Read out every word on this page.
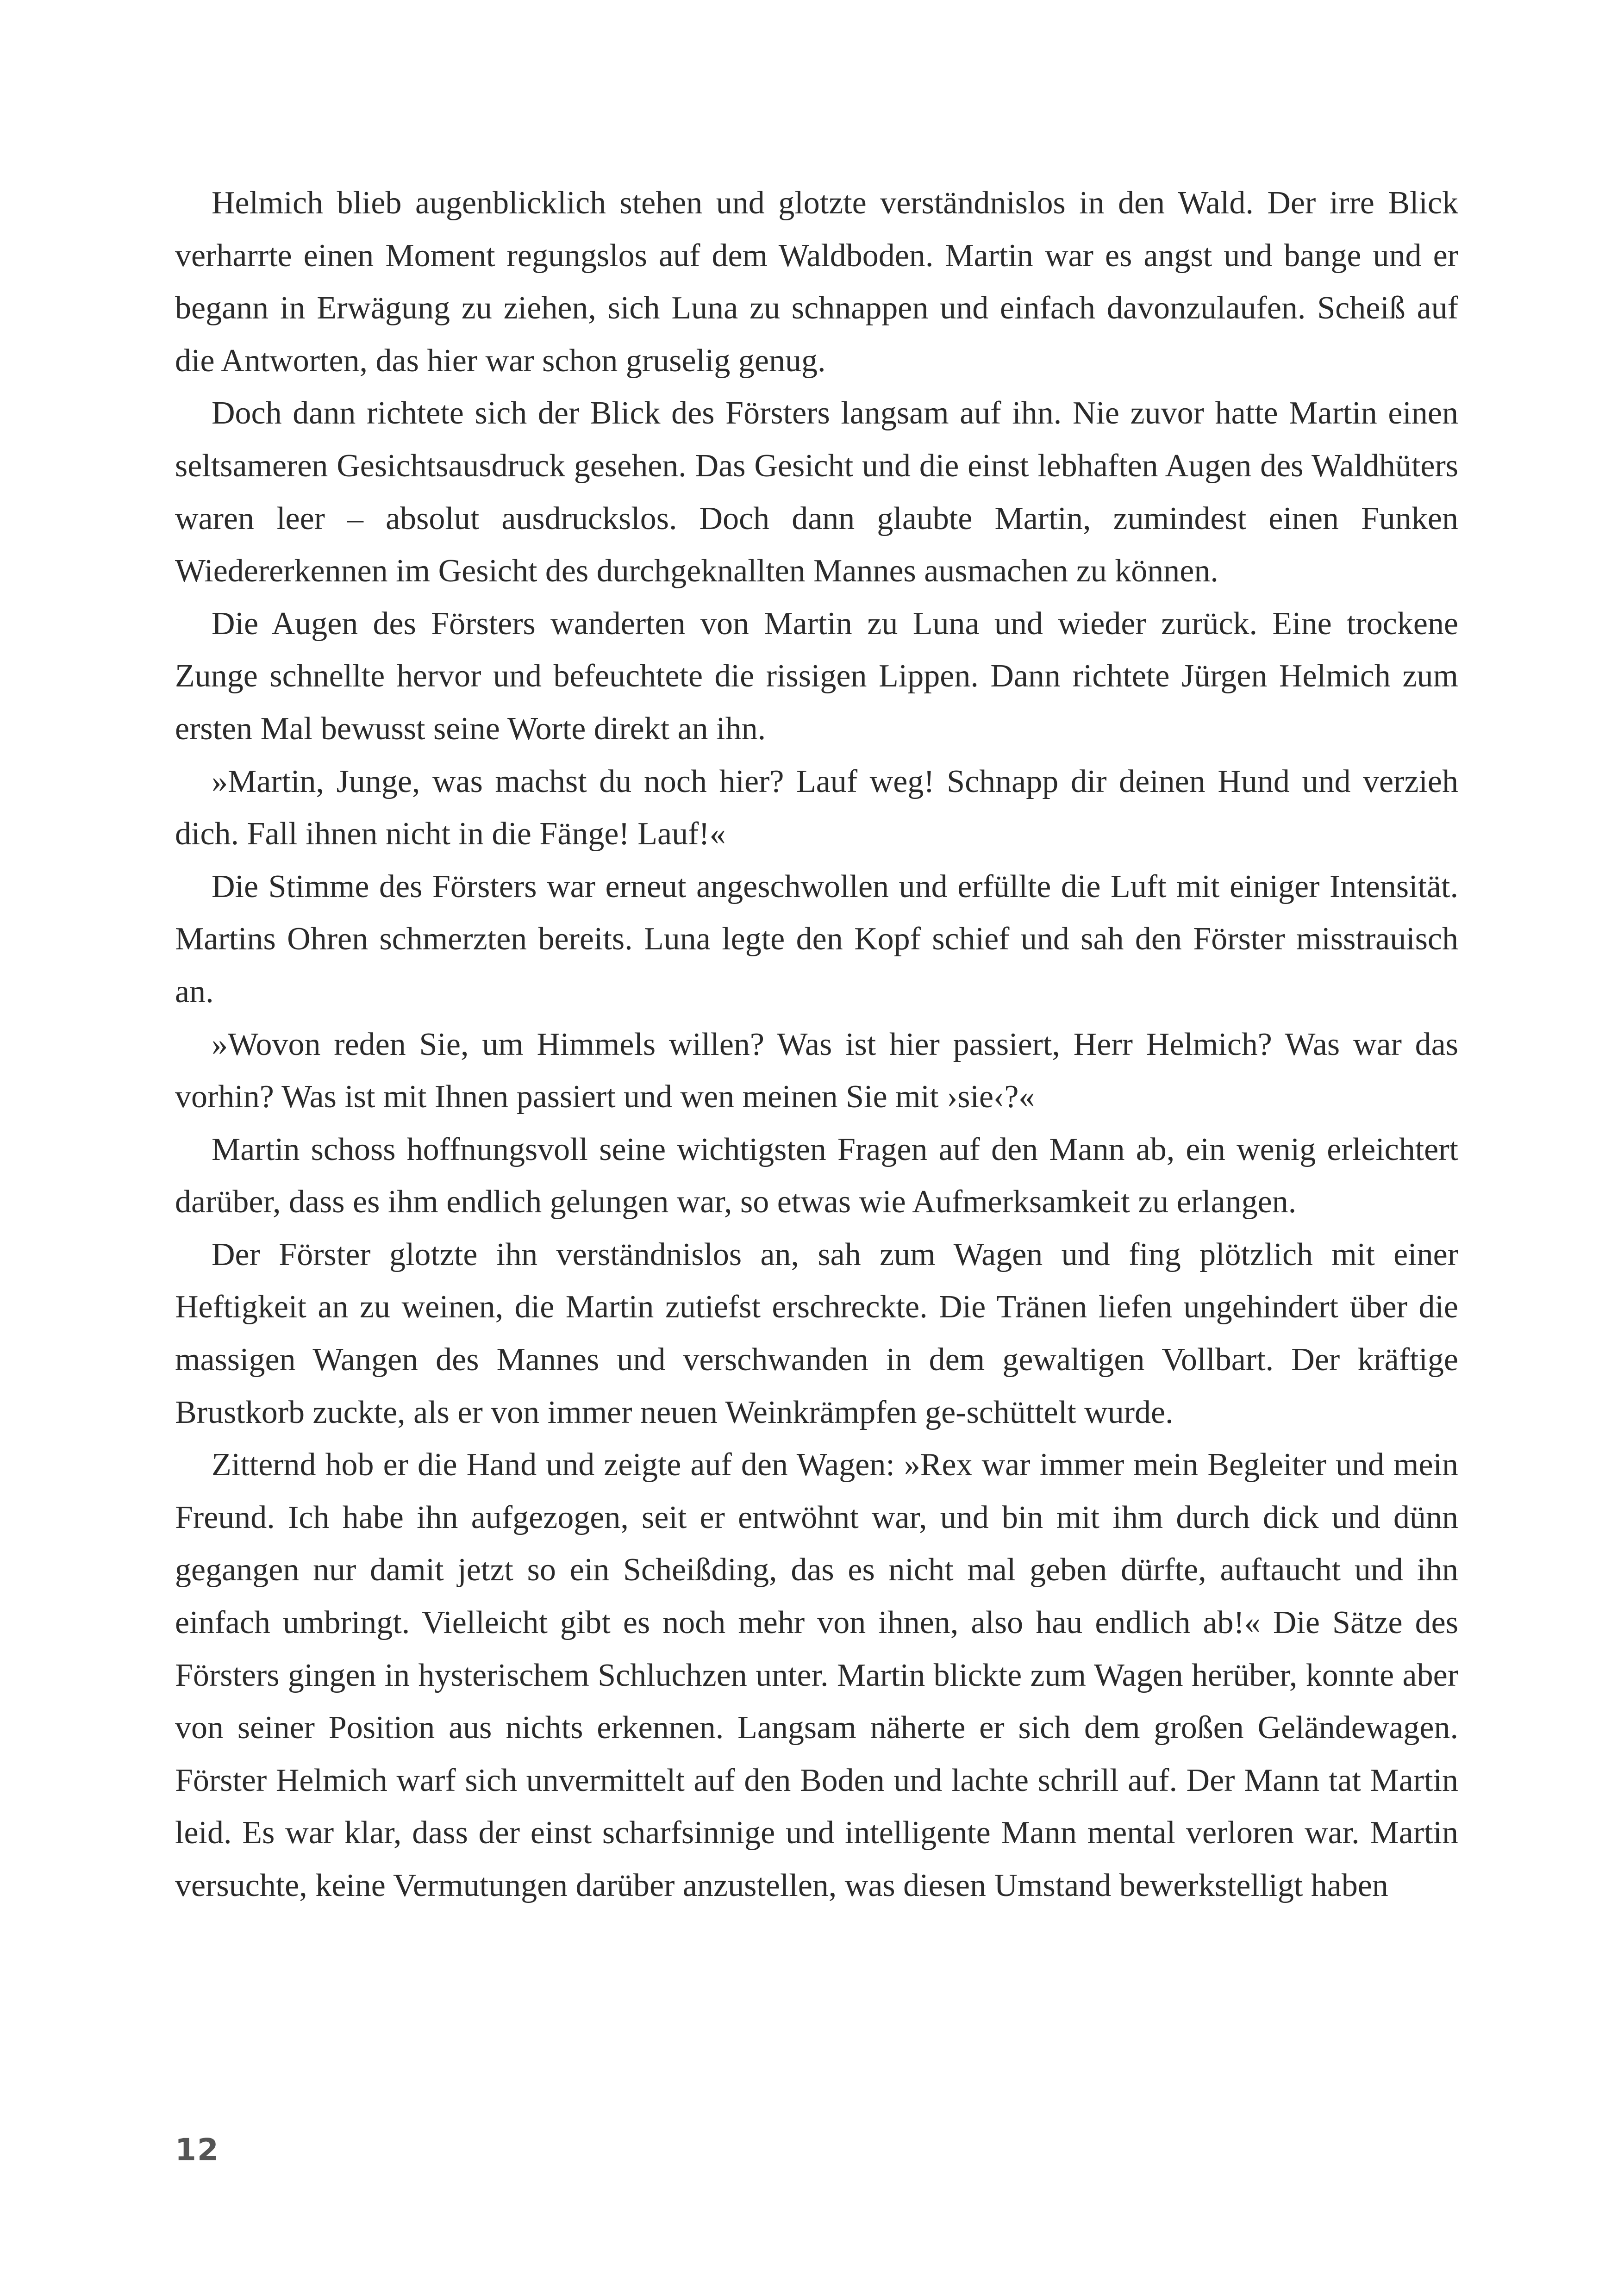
Helmich blieb augenblicklich stehen und glotzte verständnislos in den Wald. Der irre Blick verharrte einen Moment regungslos auf dem Waldboden. Martin war es angst und bange und er begann in Erwägung zu ziehen, sich Luna zu schnappen und einfach davonzulaufen. Scheiß auf die Antworten, das hier war schon gruselig genug.

Doch dann richtete sich der Blick des Försters langsam auf ihn. Nie zuvor hatte Martin einen seltsameren Gesichtsausdruck gesehen. Das Gesicht und die einst lebhaften Augen des Waldhüters waren leer – absolut ausdruckslos. Doch dann glaubte Martin, zumindest einen Funken Wiedererkennen im Gesicht des durchgeknallten Mannes ausmachen zu können.

Die Augen des Försters wanderten von Martin zu Luna und wieder zurück. Eine trockene Zunge schnellte hervor und befeuchtete die rissigen Lippen. Dann richtete Jürgen Helmich zum ersten Mal bewusst seine Worte direkt an ihn.

»Martin, Junge, was machst du noch hier? Lauf weg! Schnapp dir deinen Hund und verzieh dich. Fall ihnen nicht in die Fänge! Lauf!«

Die Stimme des Försters war erneut angeschwollen und erfüllte die Luft mit einiger Intensität. Martins Ohren schmerzten bereits. Luna legte den Kopf schief und sah den Förster misstrauisch an.

»Wovon reden Sie, um Himmels willen? Was ist hier passiert, Herr Helmich? Was war das vorhin? Was ist mit Ihnen passiert und wen meinen Sie mit ›sie‹?«

Martin schoss hoffnungsvoll seine wichtigsten Fragen auf den Mann ab, ein wenig erleichtert darüber, dass es ihm endlich gelungen war, so etwas wie Aufmerksamkeit zu erlangen.

Der Förster glotzte ihn verständnislos an, sah zum Wagen und fing plötzlich mit einer Heftigkeit an zu weinen, die Martin zutiefst erschreckte. Die Tränen liefen ungehindert über die massigen Wangen des Mannes und verschwanden in dem gewaltigen Vollbart. Der kräftige Brustkorb zuckte, als er von immer neuen Weinkrämpfen ge-schüttelt wurde.

Zitternd hob er die Hand und zeigte auf den Wagen: »Rex war immer mein Begleiter und mein Freund. Ich habe ihn aufgezogen, seit er entwöhnt war, und bin mit ihm durch dick und dünn gegangen nur damit jetzt so ein Scheißding, das es nicht mal geben dürfte, auftaucht und ihn einfach umbringt. Vielleicht gibt es noch mehr von ihnen, also hau endlich ab!« Die Sätze des Försters gingen in hysterischem Schluchzen unter. Martin blickte zum Wagen herüber, konnte aber von seiner Position aus nichts erkennen. Langsam näherte er sich dem großen Geländewagen. Förster Helmich warf sich unvermittelt auf den Boden und lachte schrill auf. Der Mann tat Martin leid. Es war klar, dass der einst scharfsinnige und intelligente Mann mental verloren war. Martin versuchte, keine Vermutungen darüber anzustellen, was diesen Umstand bewerkstelligt haben

12
